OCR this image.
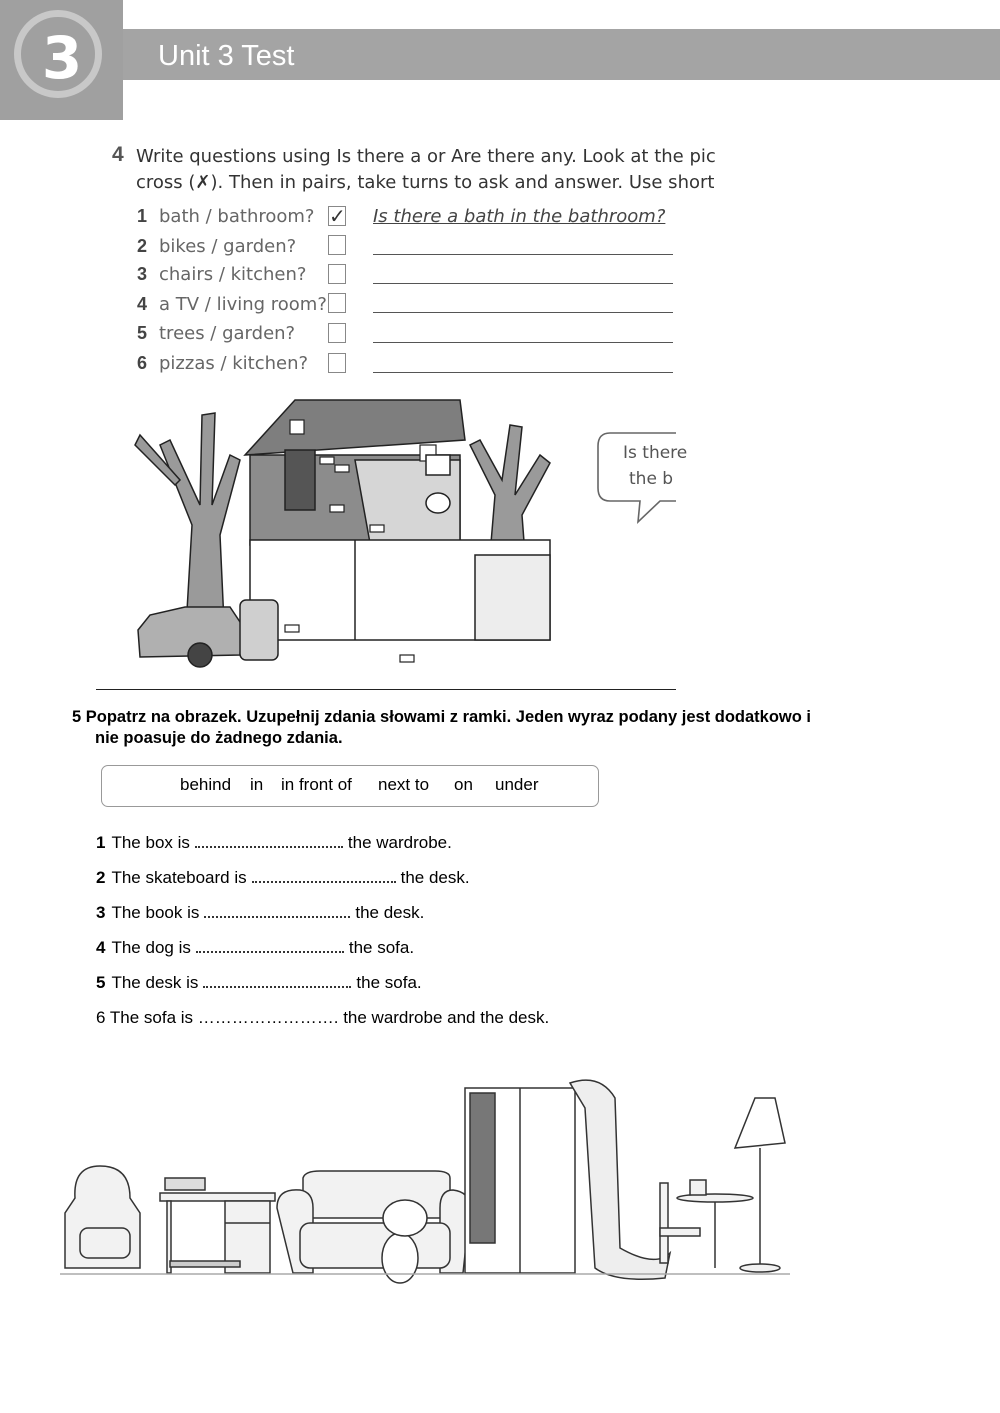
Unit 3 Test
3
4 Write questions using Is there a or Are there any. Look at the pic
cross (✗). Then in pairs, take turns to ask and answer. Use short
1 bath / bathroom? ✓ Is there a bath in the bathroom?
2 bikes / garden?
3 chairs / kitchen?
4 a TV / living room?
5 trees / garden?
6 pizzas / kitchen?
Is there
the b
5 Popatrz na obrazek. Uzupełnij zdania słowami z ramki. Jeden wyraz podany jest dodatkowo i
nie poasuje do żadnego zdania.
behind in in front of next to on under
1 The box is	the wardrobe.
2 The skateboard is	the desk.
3 The book is	the desk.
4 The dog is	the sofa.
5 The desk is	the sofa.
6 The sofa is ……………………. the wardrobe and the desk.
